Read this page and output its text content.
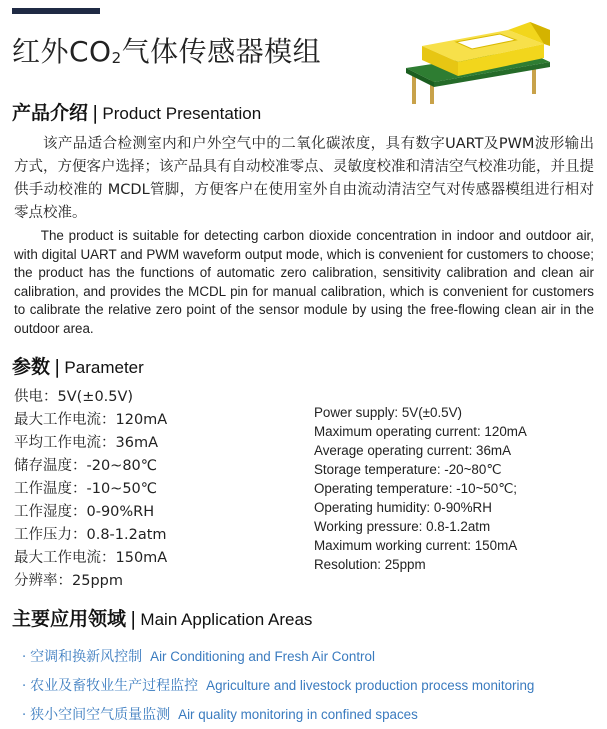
红外CO2气体传感器模组
产品介绍 | Product Presentation

该产品适合检测室内和户外空气中的二氧化碳浓度，具有数字UART及PWM波形输出方式，方便客户选择；该产品具有自动校准零点、灵敏度校准和清洁空气校准功能，并且提供手动校准的 MCDL管脚，方便客户在使用室外自由流动清洁空气对传感器模组进行相对零点校准。

The product is suitable for detecting carbon dioxide concentration in indoor and outdoor air, with digital UART and PWM waveform output mode, which is convenient for customers to choose; the product has the functions of automatic zero calibration, sensitivity calibration and clean air calibration, and provides the MCDL pin for manual calibration, which is convenient for customers to calibrate the relative zero point of the sensor module by using the free-flowing clean air in the outdoor area.

参数 | Parameter
供电：5V(±0.5V)
最大工作电流：120mA
平均工作电流：36mA
储存温度：-20~80℃
工作温度：-10~50℃
工作湿度：0-90%RH
工作压力：0.8-1.2atm
最大工作电流：150mA
分辨率：25ppm
Power supply: 5V(±0.5V)
Maximum operating current: 120mA
Average operating current: 36mA
Storage temperature: -20~80℃
Operating temperature: -10~50℃;
Operating humidity: 0-90%RH
Working pressure: 0.8-1.2atm
Maximum working current: 150mA
Resolution: 25ppm
主要应用领域 | Main Application Areas
· 空调和换新风控制 Air Conditioning and Fresh Air Control
· 农业及畜牧业生产过程监控 Agriculture and livestock production process monitoring
· 狭小空间空气质量监测 Air quality monitoring in confined spaces
